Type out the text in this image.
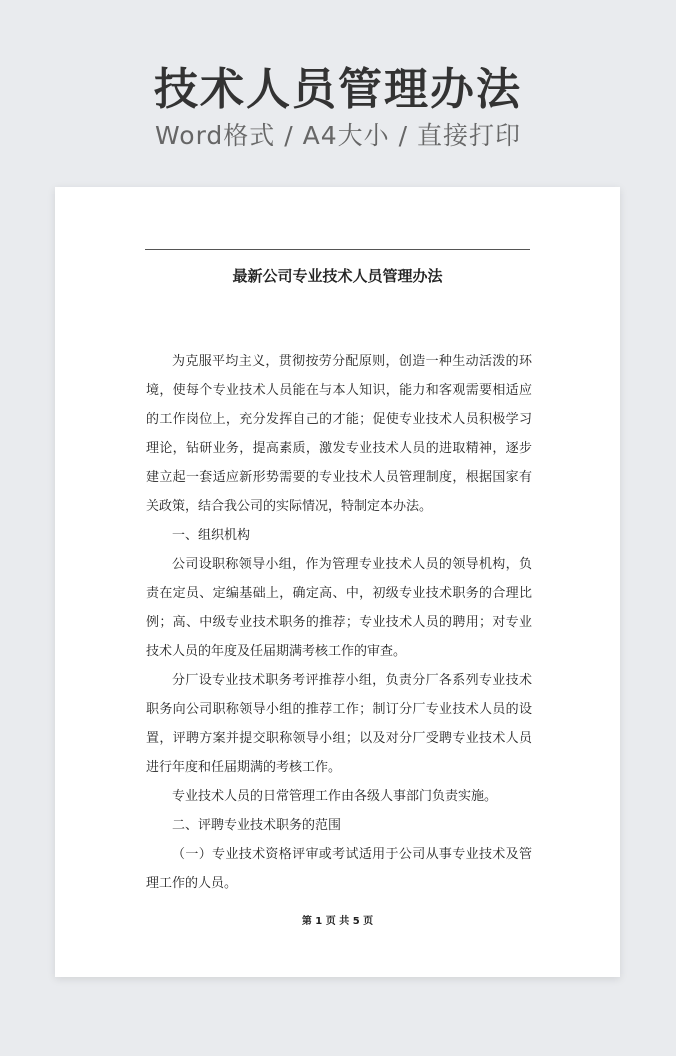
技术人员管理办法
Word格式 / A4大小 / 直接打印
最新公司专业技术人员管理办法

为克服平均主义，贯彻按劳分配原则，创造一种生动活泼的环境，使每个专业技术人员能在与本人知识，能力和客观需要相适应的工作岗位上，充分发挥自己的才能；促使专业技术人员积极学习理论，钻研业务，提高素质，激发专业技术人员的进取精神，逐步建立起一套适应新形势需要的专业技术人员管理制度，根据国家有关政策，结合我公司的实际情况，特制定本办法。

一、组织机构

公司设职称领导小组，作为管理专业技术人员的领导机构，负责在定员、定编基础上，确定高、中，初级专业技术职务的合理比例；高、中级专业技术职务的推荐；专业技术人员的聘用；对专业技术人员的年度及任届期满考核工作的审查。

分厂设专业技术职务考评推荐小组，负责分厂各系列专业技术职务向公司职称领导小组的推荐工作；制订分厂专业技术人员的设置，评聘方案并提交职称领导小组；以及对分厂受聘专业技术人员进行年度和任届期满的考核工作。

专业技术人员的日常管理工作由各级人事部门负责实施。

二、评聘专业技术职务的范围

（一）专业技术资格评审或考试适用于公司从事专业技术及管理工作的人员。

第 1 页 共 5 页
